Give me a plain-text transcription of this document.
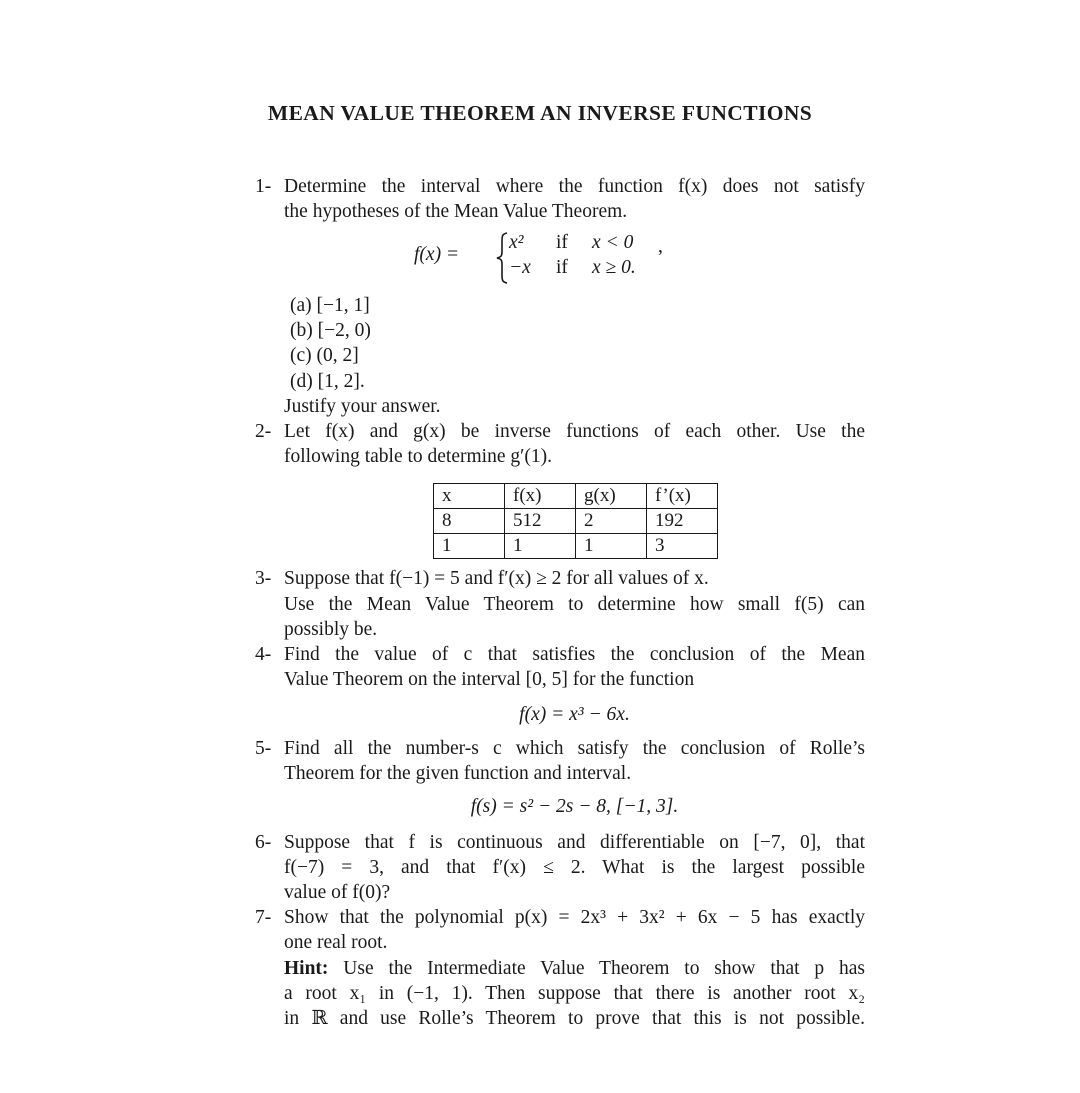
MEAN VALUE THEOREM AN INVERSE FUNCTIONS
1- Determine the interval where the function f(x) does not satisfy
the hypotheses of the Mean Value Theorem.
f(x) =
x² if x < 0
−x if x ≥ 0.
,
(a) [−1, 1]
(b) [−2, 0)
(c) (0, 2]
(d) [1, 2].
Justify your answer.
2- Let f(x) and g(x) be inverse functions of each other. Use the
following table to determine g′(1).
x	f(x)	g(x)	f’(x)
8	512	2	192
1	1	1	3
3- Suppose that f(−1) = 5 and f′(x) ≥ 2 for all values of x.
Use the Mean Value Theorem to determine how small f(5) can
possibly be.
4- Find the value of c that satisfies the conclusion of the Mean
Value Theorem on the interval [0, 5] for the function
f(x) = x³ − 6x.
5- Find all the number-s c which satisfy the conclusion of Rolle’s
Theorem for the given function and interval.
f(s) = s² − 2s − 8, [−1, 3].
6- Suppose that f is continuous and differentiable on [−7, 0], that
f(−7) = 3, and that f′(x) ≤ 2. What is the largest possible
value of f(0)?
7- Show that the polynomial p(x) = 2x³ + 3x² + 6x − 5 has exactly
one real root.
Hint: Use the Intermediate Value Theorem to show that p has
a root x₁ in (−1, 1). Then suppose that there is another root x₂
in ℝ and use Rolle’s Theorem to prove that this is not possible.
